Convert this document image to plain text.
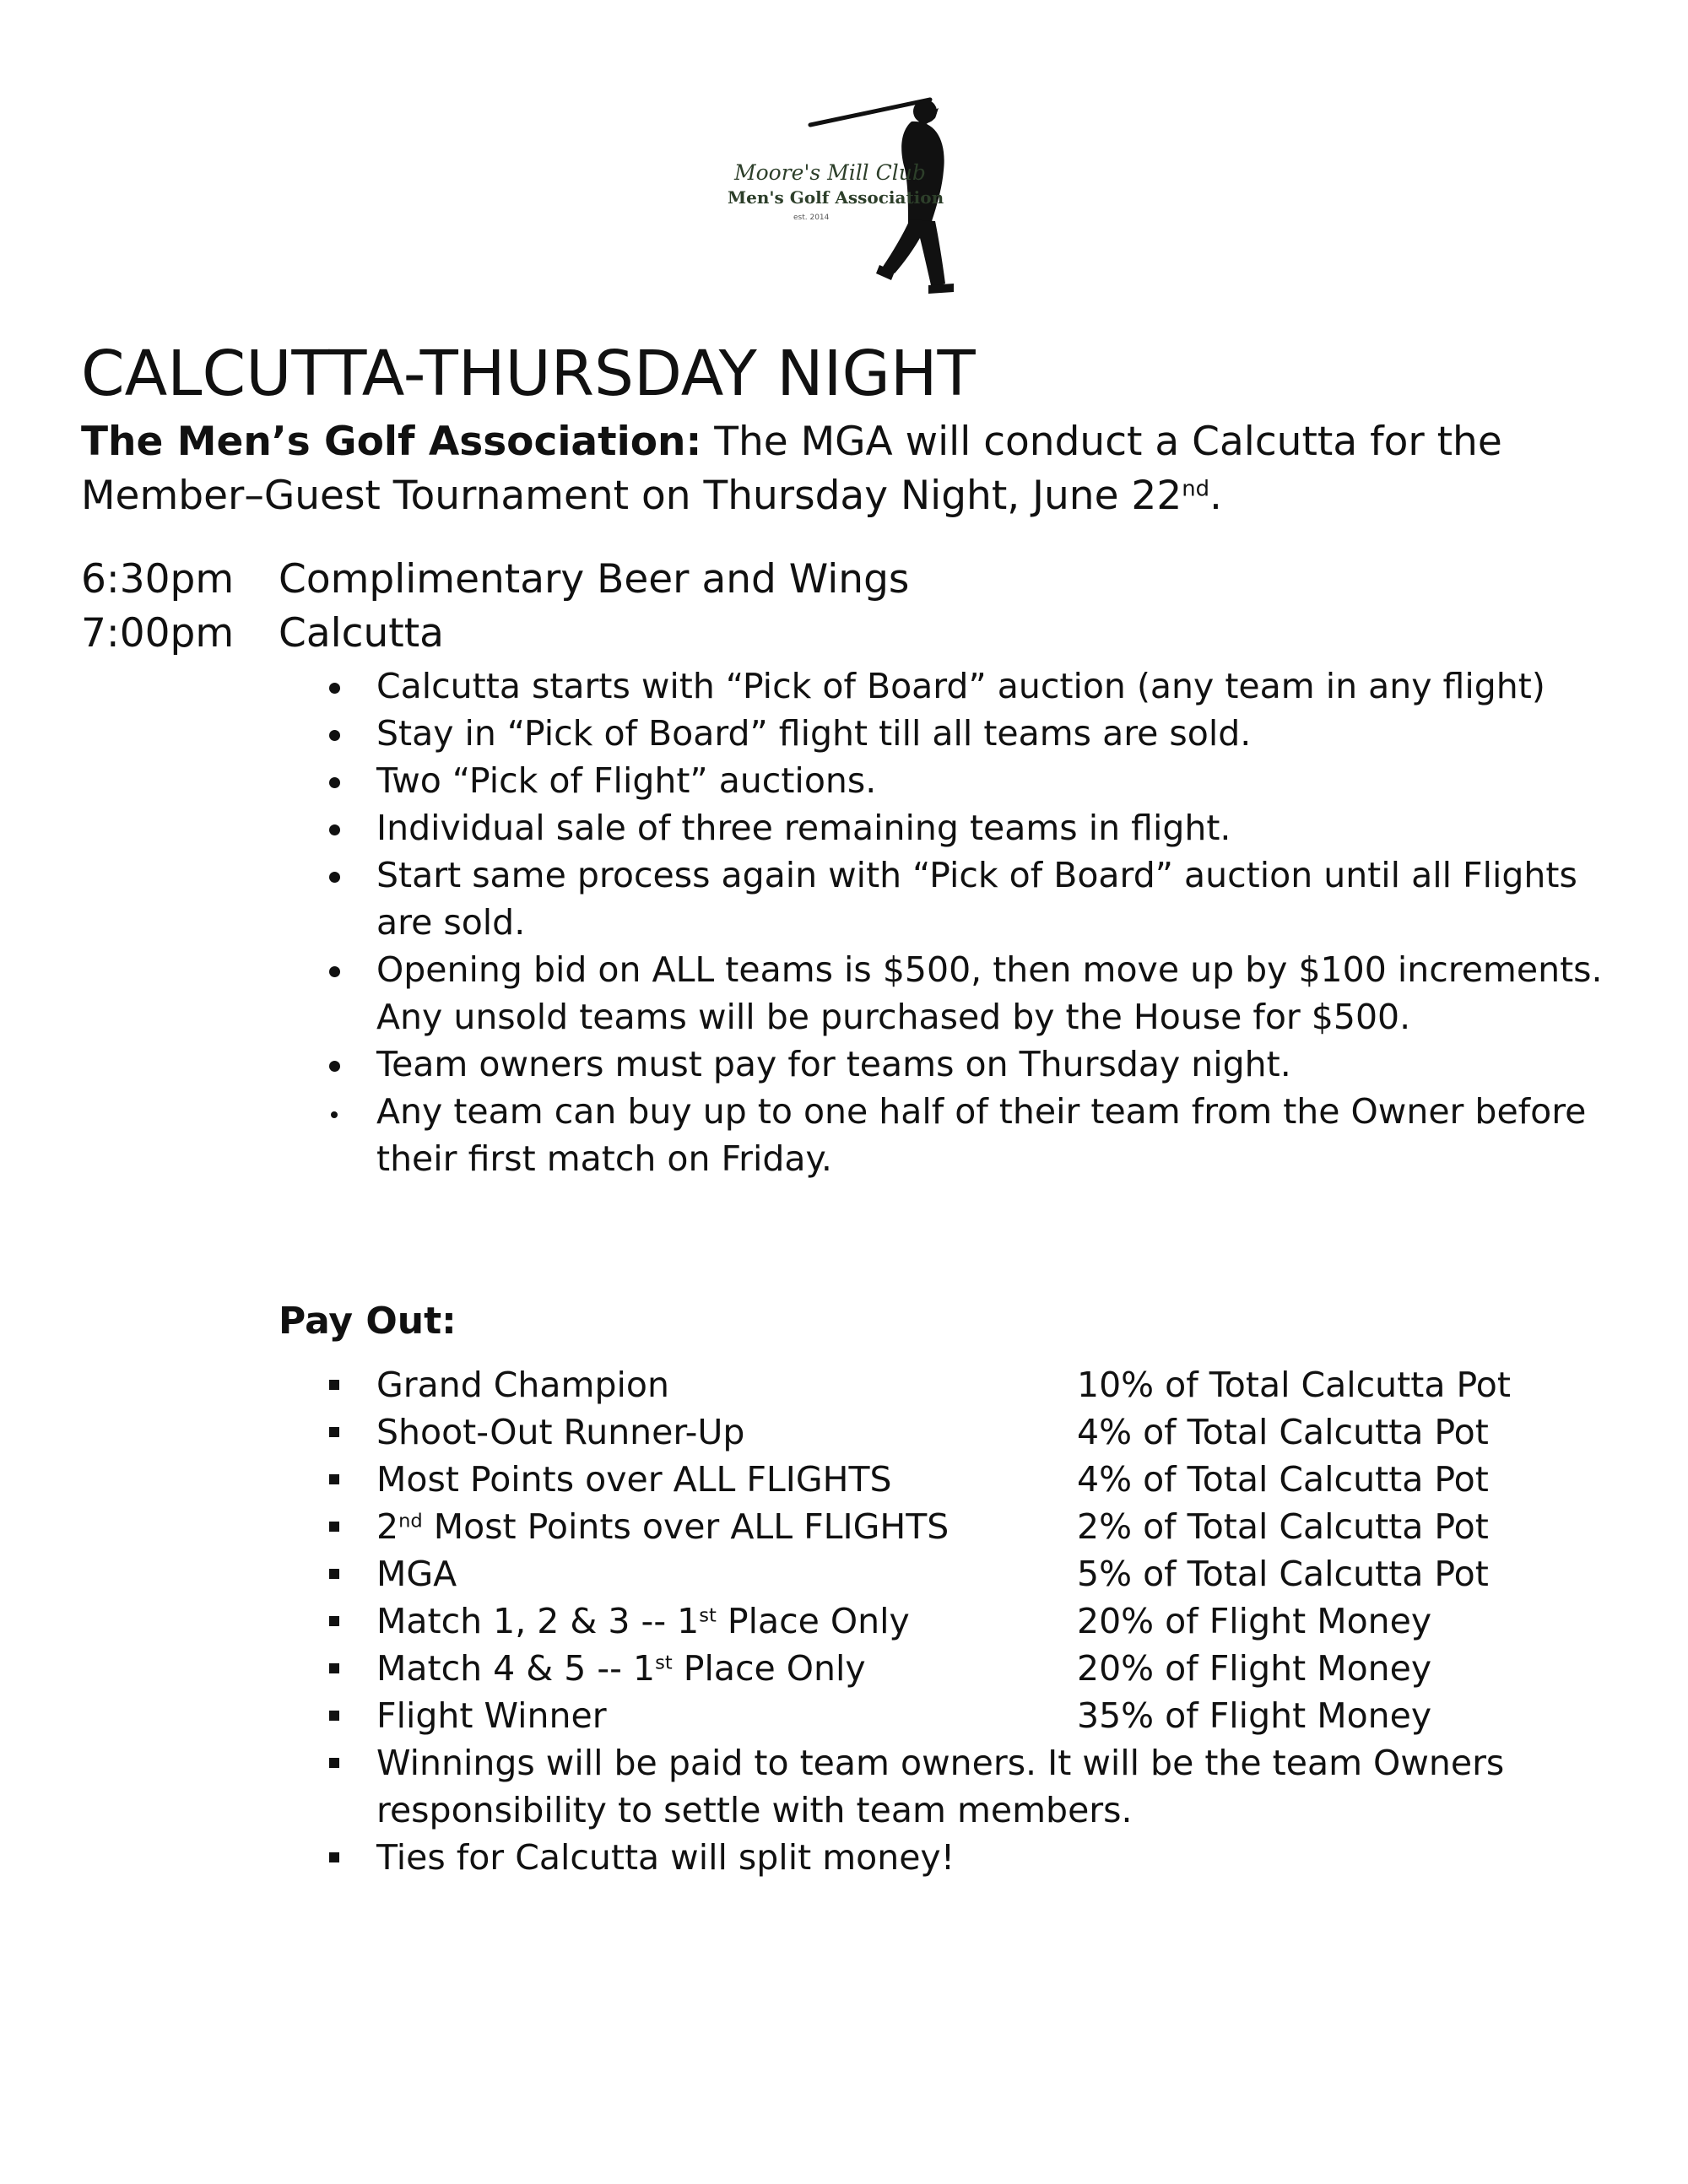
Moore's Mill Club
Men's Golf Association
est. 2014
CALCUTTA-THURSDAY NIGHT

The Men’s Golf Association: The MGA will conduct a Calcutta for the Member–Guest Tournament on Thursday Night, June 22nd.

6:30pm	Complimentary Beer and Wings
7:00pm	Calcutta
Calcutta starts with “Pick of Board” auction (any team in any flight)
Stay in “Pick of Board” flight till all teams are sold.
Two “Pick of Flight” auctions.
Individual sale of three remaining teams in flight.
Start same process again with “Pick of Board” auction until all Flights are sold.
Opening bid on ALL teams is $500, then move up by $100 increments. Any unsold teams will be purchased by the House for $500.
Team owners must pay for teams on Thursday night.
Any team can buy up to one half of their team from the Owner before their first match on Friday.
Pay Out:
Grand Champion	10% of Total Calcutta Pot
Shoot-Out Runner-Up	4% of Total Calcutta Pot
Most Points over ALL FLIGHTS	4% of Total Calcutta Pot
2nd Most Points over ALL FLIGHTS	2% of Total Calcutta Pot
MGA	5% of Total Calcutta Pot
Match 1, 2 & 3 -- 1st Place Only	20% of Flight Money
Match 4 & 5 -- 1st Place Only	20% of Flight Money
Flight Winner	35% of Flight Money
Winnings will be paid to team owners. It will be the team Owners responsibility to settle with team members.
Ties for Calcutta will split money!
